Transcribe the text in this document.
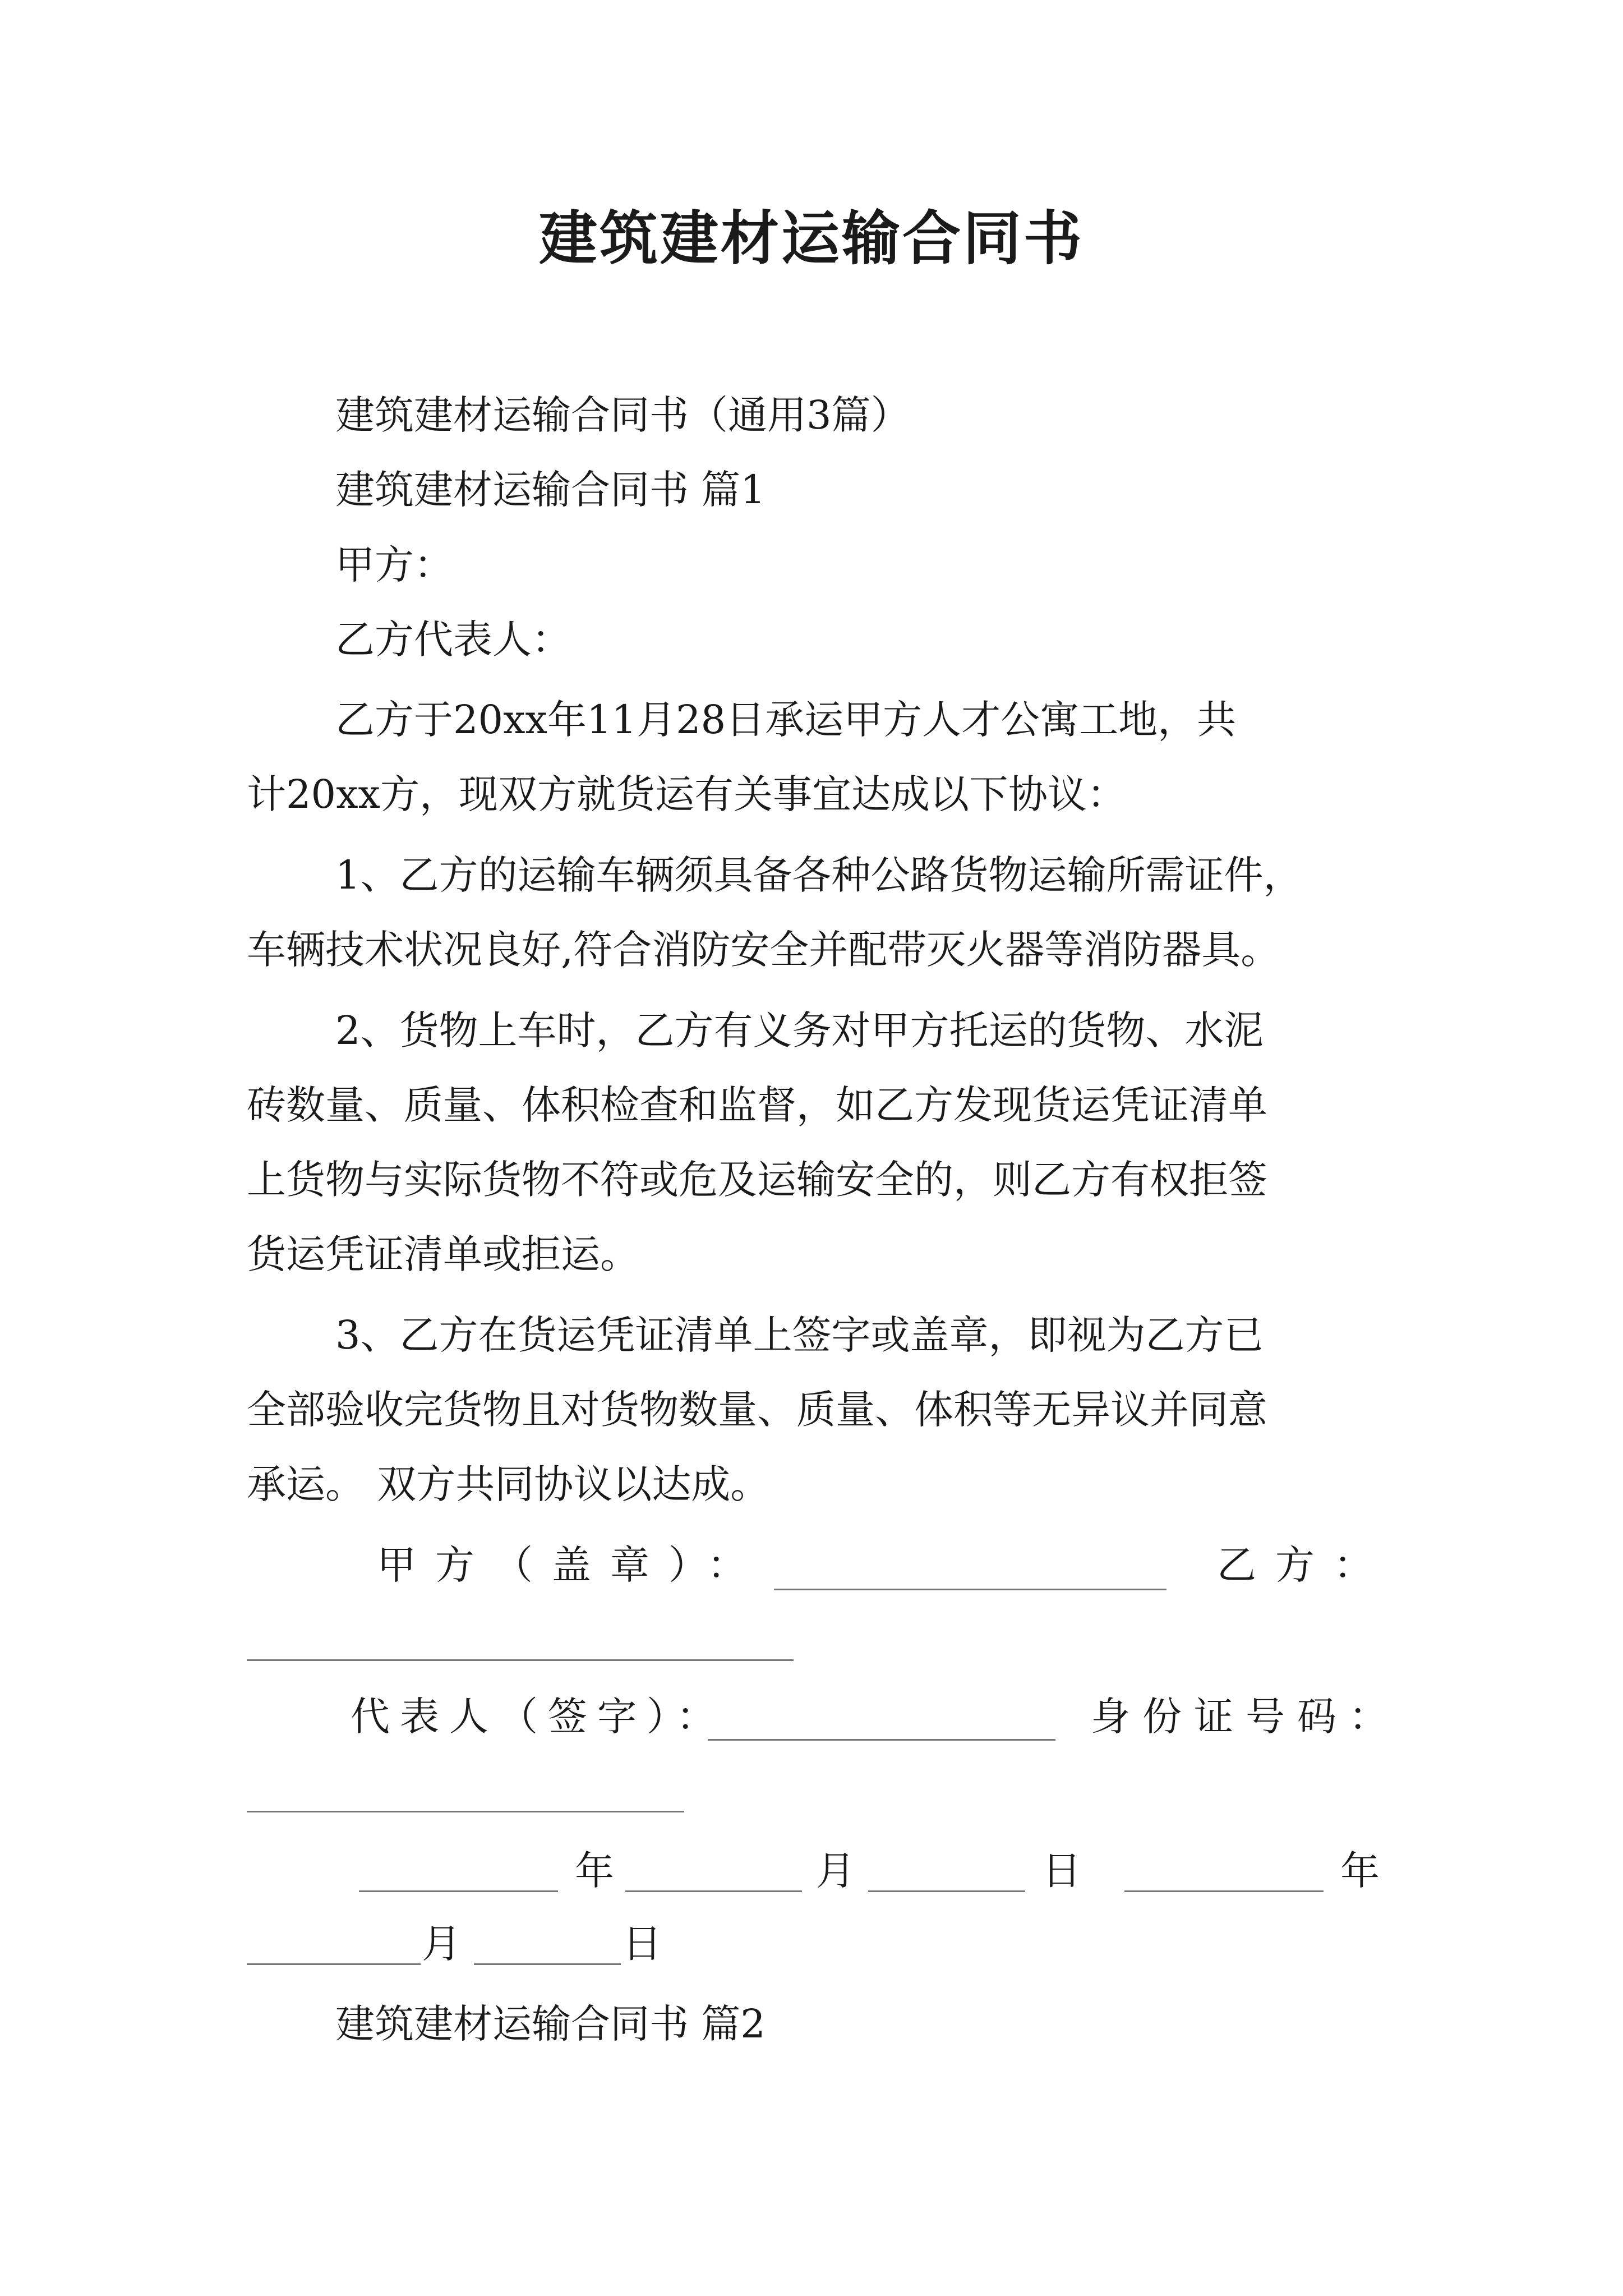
建筑建材运输合同书
建筑建材运输合同书（通用3篇）
建筑建材运输合同书 篇1
甲方：
乙方代表人：
乙方于20xx年11月28日承运甲方人才公寓工地，共
计20xx方，现双方就货运有关事宜达成以下协议：
1、乙方的运输车辆须具备各种公路货物运输所需证件，
车辆技术状况良好,符合消防安全并配带灭火器等消防器具。
2、货物上车时，乙方有义务对甲方托运的货物、水泥
砖数量、质量、体积检查和监督，如乙方发现货运凭证清单
上货物与实际货物不符或危及运输安全的，则乙方有权拒签
货运凭证清单或拒运。
3、乙方在货运凭证清单上签字或盖章，即视为乙方已
全部验收完货物且对货物数量、质量、体积等无异议并同意
承运。 双方共同协议以达成。
甲方（盖章）：	乙方：
代表人（签字）：	身份证号码：
年	月	日	年
月	日
建筑建材运输合同书 篇2
